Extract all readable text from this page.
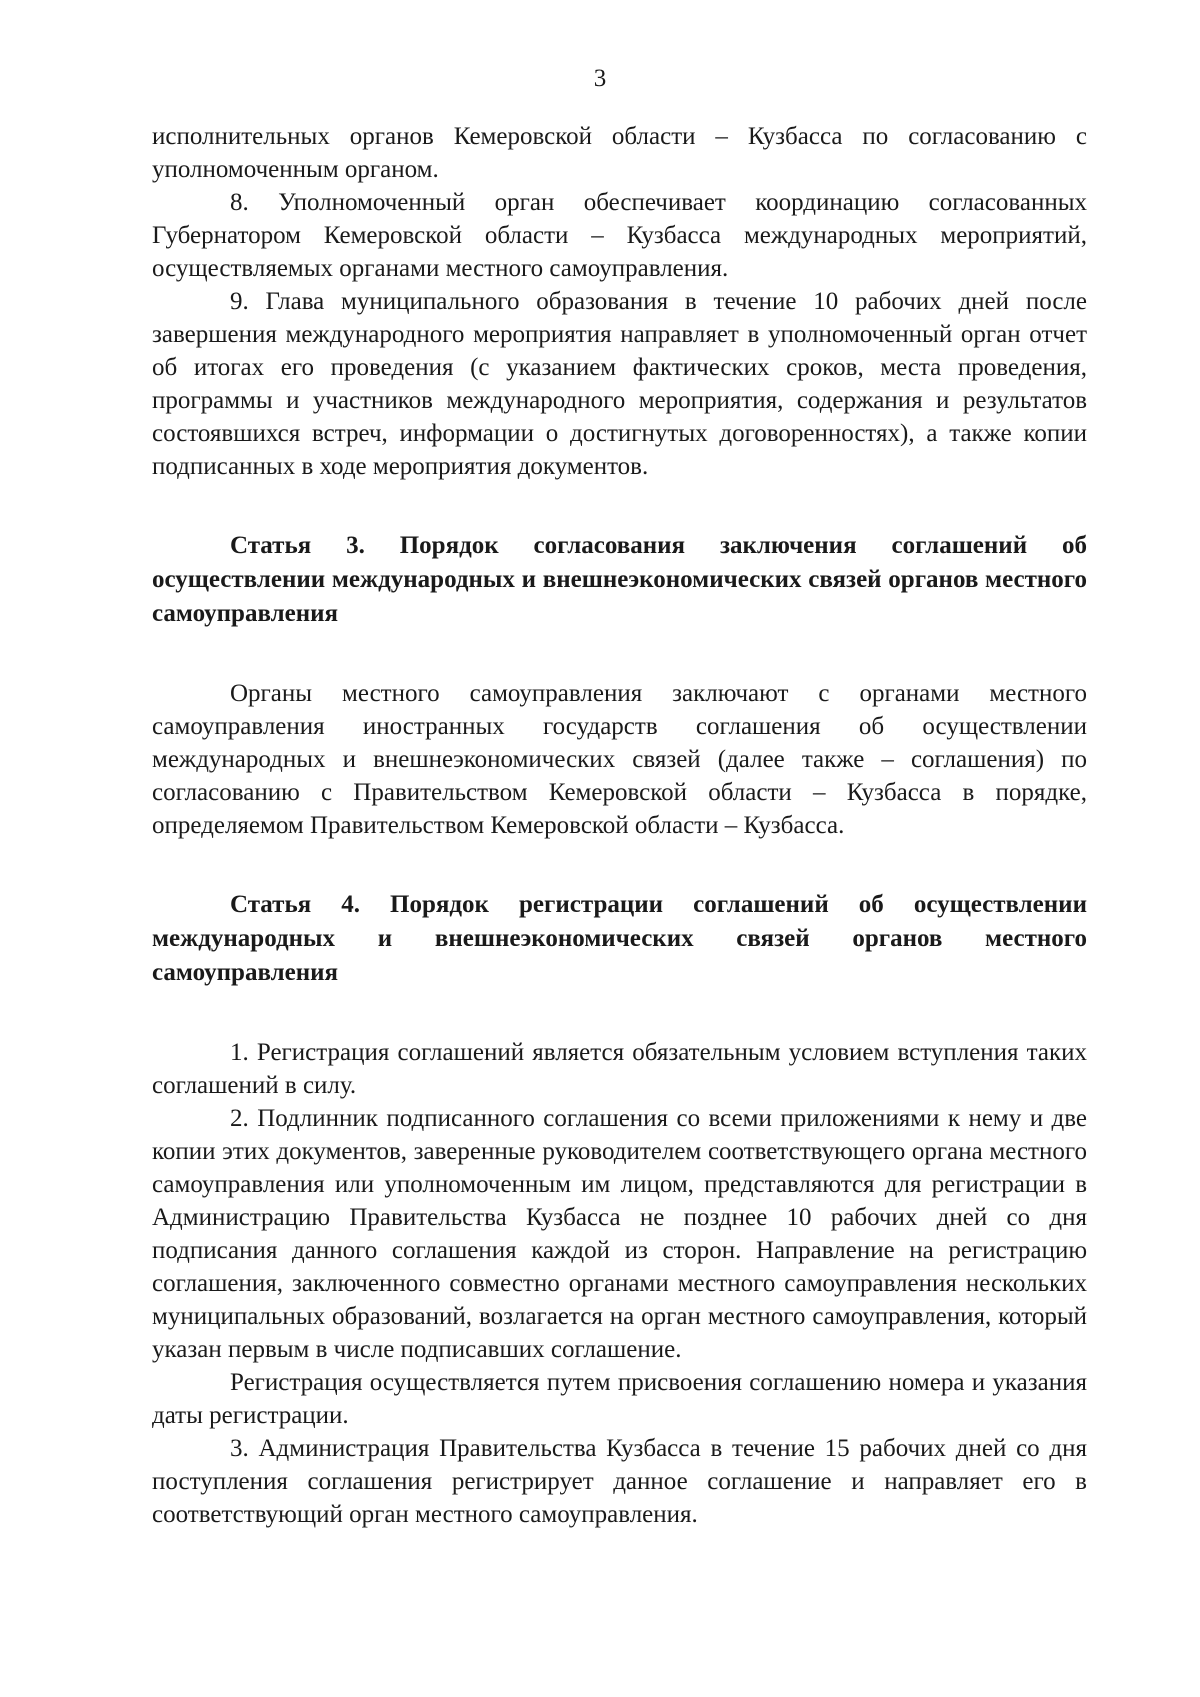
3

исполнительных органов Кемеровской области – Кузбасса по согласованию с уполномоченным органом.

8. Уполномоченный орган обеспечивает координацию согласованных Губернатором Кемеровской области – Кузбасса международных мероприятий, осуществляемых органами местного самоуправления.

9. Глава муниципального образования в течение 10 рабочих дней после завершения международного мероприятия направляет в уполномоченный орган отчет об итогах его проведения (с указанием фактических сроков, места проведения, программы и участников международного мероприятия, содержания и результатов состоявшихся встреч, информации о достигнутых договоренностях), а также копии подписанных в ходе мероприятия документов.

Статья 3. Порядок согласования заключения соглашений об осуществлении международных и внешнеэкономических связей органов местного самоуправления

Органы местного самоуправления заключают с органами местного самоуправления иностранных государств соглашения об осуществлении международных и внешнеэкономических связей (далее также – соглашения) по согласованию с Правительством Кемеровской области – Кузбасса в порядке, определяемом Правительством Кемеровской области – Кузбасса.

Статья 4. Порядок регистрации соглашений об осуществлении международных и внешнеэкономических связей органов местного самоуправления

1. Регистрация соглашений является обязательным условием вступления таких соглашений в силу.

2. Подлинник подписанного соглашения со всеми приложениями к нему и две копии этих документов, заверенные руководителем соответствующего органа местного самоуправления или уполномоченным им лицом, представляются для регистрации в Администрацию Правительства Кузбасса не позднее 10 рабочих дней со дня подписания данного соглашения каждой из сторон. Направление на регистрацию соглашения, заключенного совместно органами местного самоуправления нескольких муниципальных образований, возлагается на орган местного самоуправления, который указан первым в числе подписавших соглашение.

Регистрация осуществляется путем присвоения соглашению номера и указания даты регистрации.

3. Администрация Правительства Кузбасса в течение 15 рабочих дней со дня поступления соглашения регистрирует данное соглашение и направляет его в соответствующий орган местного самоуправления.
